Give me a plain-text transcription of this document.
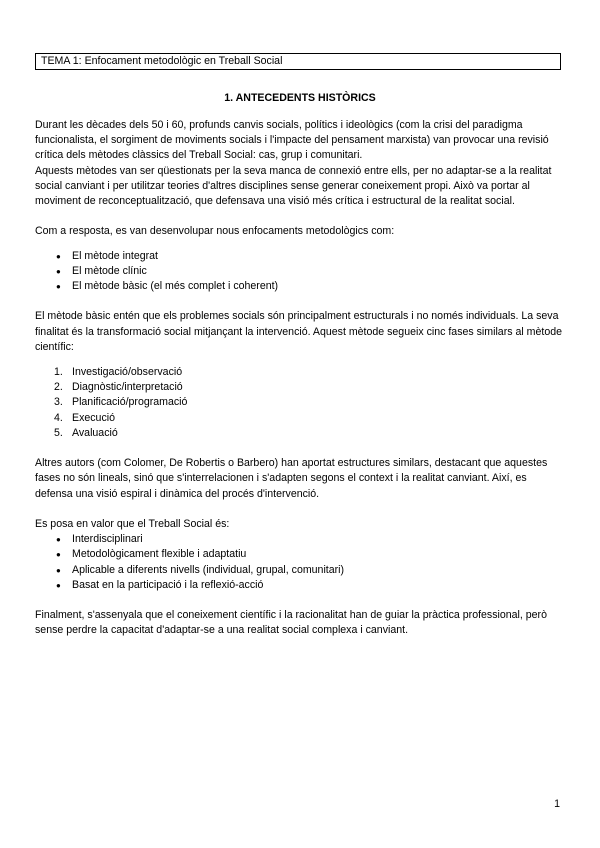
TEMA 1: Enfocament metodològic en Treball Social
1. ANTECEDENTS HISTÒRICS

Durant les dècades dels 50 i 60, profunds canvis socials, polítics i ideològics (com la crisi del paradigma funcionalista, el sorgiment de moviments socials i l'impacte del pensament marxista) van provocar una revisió crítica dels mètodes clàssics del Treball Social: cas, grup i comunitari.

Aquests mètodes van ser qüestionats per la seva manca de connexió entre ells, per no adaptar-se a la realitat social canviant i per utilitzar teories d'altres disciplines sense generar coneixement propi. Això va portar al moviment de reconceptualització, que defensava una visió més crítica i estructural de la realitat social.

Com a resposta, es van desenvolupar nous enfocaments metodològics com:

● El mètode integrat
● El mètode clínic
● El mètode bàsic (el més complet i coherent)

El mètode bàsic entén que els problemes socials són principalment estructurals i no només individuals. La seva finalitat és la transformació social mitjançant la intervenció. Aquest mètode segueix cinc fases similars al mètode científic:

1. Investigació/observació
2. Diagnòstic/interpretació
3. Planificació/programació
4. Execució
5. Avaluació

Altres autors (com Colomer, De Robertis o Barbero) han aportat estructures similars, destacant que aquestes fases no són lineals, sinó que s'interrelacionen i s'adapten segons el context i la realitat canviant. Així, es defensa una visió espiral i dinàmica del procés d'intervenció.

Es posa en valor que el Treball Social és:

● Interdisciplinari
● Metodològicament flexible i adaptatiu
● Aplicable a diferents nivells (individual, grupal, comunitari)
● Basat en la participació i la reflexió-acció

Finalment, s'assenyala que el coneixement científic i la racionalitat han de guiar la pràctica professional, però sense perdre la capacitat d'adaptar-se a una realitat social complexa i canviant.

1
